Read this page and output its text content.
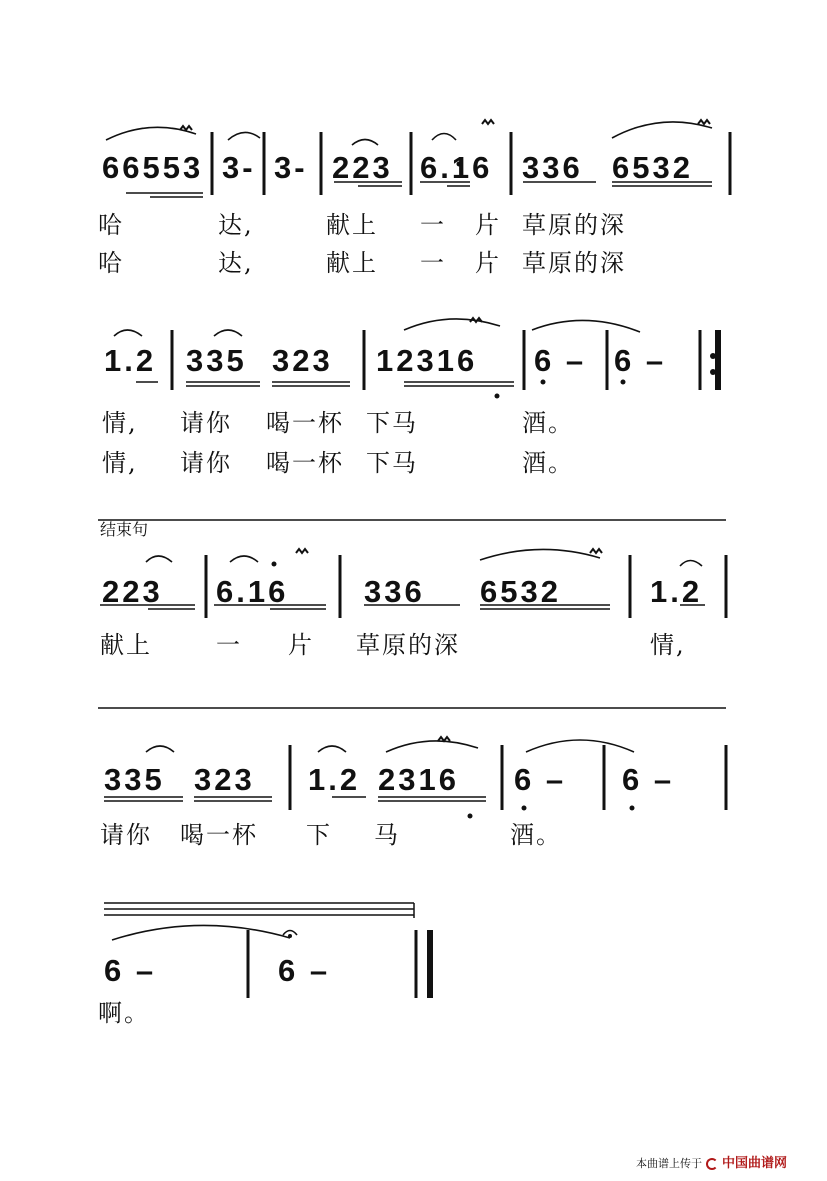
66553 3- 3- 223 6.16 336 6532
哈	达,	献上 一 片 草原的深
哈	达,	献上 一 片 草原的深
1.2 335 323 12316 6 – 6 –
情, 请你 喝一杯 下马	酒。
情, 请你 喝一杯 下马	酒。
结束句
223 6.16 336 6532	1.2
献上	一 片 草原的深	情,
335 323 1.2 2316 6 – 6 –
请你 喝一杯 下 马	酒。
6 –	6 –
啊。
本曲谱上传于 中国曲谱网
